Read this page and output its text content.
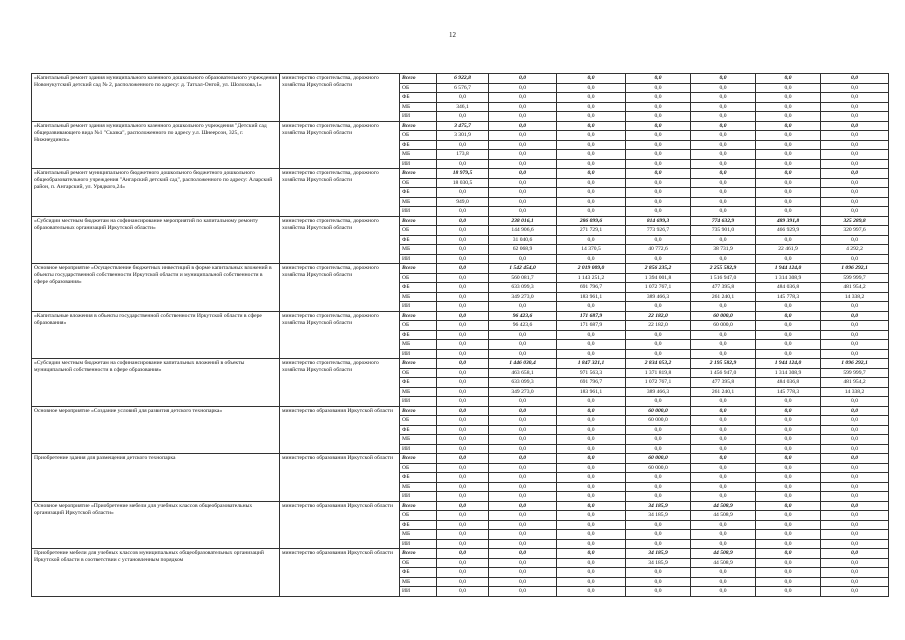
12
«Капитальный ремонт здания муниципального казенного дошкольного образовательного учреждения Новонукутский детский сад № 2, расположенного по адресу: д. Татхал-Онгой, ул. Шолохова,1»	министерство строительства, дорожного хозяйства Иркутской области	Всего	6 922,8	0,0	0,0	0,0	0,0	0,0	0,0
		ОБ	6 576,7	0,0	0,0	0,0	0,0	0,0	0,0
		ФБ	0,0	0,0	0,0	0,0	0,0	0,0	0,0
		МБ	346,1	0,0	0,0	0,0	0,0	0,0	0,0
		ИИ	0,0	0,0	0,0	0,0	0,0	0,0	0,0
«Капитальный ремонт здания муниципального казенного дошкольного учреждения "Детский сад общеразвивающего вида №1 "Сказка", расположенного по адресу у.л. Шнеерсон, 325, г. Нижнеудинск»	министерство строительства, дорожного хозяйства Иркутской области	Всего	3 475,7	0,0	0,0	0,0	0,0	0,0	0,0
		ОБ	3 301,9	0,0	0,0	0,0	0,0	0,0	0,0
		ФБ	0,0	0,0	0,0	0,0	0,0	0,0	0,0
		МБ	173,8	0,0	0,0	0,0	0,0	0,0	0,0
		ИИ	0,0	0,0	0,0	0,0	0,0	0,0	0,0
«Капитальный ремонт муниципального бюджетного дошкольного бюджетного дошкольного общеобразовательного учреждения "Ангарский детский сад", расположенного по адресу: Аларский район, п. Ангарский, ул. Урядкого,24»	министерство строительства, дорожного хозяйства Иркутской области	Всего	18 979,5	0,0	0,0	0,0	0,0	0,0	0,0
		ОБ	18 030,5	0,0	0,0	0,0	0,0	0,0	0,0
		ФБ	0,0	0,0	0,0	0,0	0,0	0,0	0,0
		МБ	949,0	0,0	0,0	0,0	0,0	0,0	0,0
		ИИ	0,0	0,0	0,0	0,0	0,0	0,0	0,0
«Субсидии местным бюджетам на софинансирование мероприятий по капитальному ремонту образовательных организаций Иркутской области»	министерство строительства, дорожного хозяйства Иркутской области	Всего	0,0	238 016,1	286 099,6	814 699,3	774 632,9	489 391,8	325 289,8
		ОБ	0,0	144 906,6	271 729,1	773 926,7	735 901,0	466 929,9	320 997,6
		ФБ	0,0	31 040,6	0,0	0,0	0,0	0,0	0,0
		МБ	0,0	62 068,9	14 370,5	40 772,6	38 731,9	22 461,9	4 292,2
		ИИ	0,0	0,0	0,0	0,0	0,0	0,0	0,0
Основное мероприятие «Осуществление бюджетных инвестиций в форме капитальных вложений в объекты государственной собственности Иркутской области и муниципальной собственности в сфере образования»	министерство строительства, дорожного хозяйства Иркутской области	Всего	0,0	1 542 454,0	2 019 009,0	2 856 235,2	2 255 582,9	1 944 124,0	1 096 292,1
		ОБ	0,0	560 081,7	1 143 251,2	1 394 001,8	1 516 947,0	1 314 308,9	599 999,7
		ФБ	0,0	633 099,3	691 796,7	1 072 767,1	477 395,8	484 036,8	481 954,2
		МБ	0,0	349 273,0	183 961,1	389 466,3	261 240,1	145 778,3	14 338,2
		ИИ	0,0	0,0	0,0	0,0	0,0	0,0	0,0
«Капитальные вложения в объекты государственной собственности Иркутской области в сфере образования»	министерство строительства, дорожного хозяйства Иркутской области	Всего	0,0	96 423,6	171 687,9	22 182,0	60 000,0	0,0	0,0
		ОБ	0,0	96 423,6	171 687,9	22 182,0	60 000,0	0,0	0,0
		ФБ	0,0	0,0	0,0	0,0	0,0	0,0	0,0
		МБ	0,0	0,0	0,0	0,0	0,0	0,0	0,0
		ИИ	0,0	0,0	0,0	0,0	0,0	0,0	0,0
«Субсидии местным бюджетам на софинансирование капитальных вложений в объекты муниципальной собственности в сфере образования»	министерство строительства, дорожного хозяйства Иркутской области	Всего	0,0	1 446 030,4	1 847 321,1	2 834 053,2	2 195 582,9	1 944 124,0	1 096 292,1
		ОБ	0,0	463 658,1	971 563,3	1 371 819,8	1 456 947,0	1 314 308,9	599 999,7
		ФБ	0,0	633 099,3	691 796,7	1 072 767,1	477 395,8	484 036,8	481 954,2
		МБ	0,0	349 273,0	183 961,1	389 466,3	261 240,1	145 778,3	14 338,2
		ИИ	0,0	0,0	0,0	0,0	0,0	0,0	0,0
Основное мероприятие «Создание условий для развития детского технопарка»	министерство образования Иркутской области	Всего	0,0	0,0	0,0	60 000,0	0,0	0,0	0,0
		ОБ	0,0	0,0	0,0	60 000,0	0,0	0,0	0,0
		ФБ	0,0	0,0	0,0	0,0	0,0	0,0	0,0
		МБ	0,0	0,0	0,0	0,0	0,0	0,0	0,0
		ИИ	0,0	0,0	0,0	0,0	0,0	0,0	0,0
Приобретение здания для размещения детского технопарка	министерство образования Иркутской области	Всего	0,0	0,0	0,0	60 000,0	0,0	0,0	0,0
		ОБ	0,0	0,0	0,0	60 000,0	0,0	0,0	0,0
		ФБ	0,0	0,0	0,0	0,0	0,0	0,0	0,0
		МБ	0,0	0,0	0,0	0,0	0,0	0,0	0,0
		ИИ	0,0	0,0	0,0	0,0	0,0	0,0	0,0
Основное мероприятие «Приобретение мебели для учебных классов общеобразовательных организаций Иркутской области»	министерство образования Иркутской области	Всего	0,0	0,0	0,0	34 185,9	44 508,9	0,0	0,0
		ОБ	0,0	0,0	0,0	34 185,9	44 508,9	0,0	0,0
		ФБ	0,0	0,0	0,0	0,0	0,0	0,0	0,0
		МБ	0,0	0,0	0,0	0,0	0,0	0,0	0,0
		ИИ	0,0	0,0	0,0	0,0	0,0	0,0	0,0
Приобретение мебели для учебных классов муниципальных общеобразовательных организаций Иркутской области в соответствии с установленным порядком	министерство образования Иркутской области	Всего	0,0	0,0	0,0	34 185,9	44 508,9	0,0	0,0
		ОБ	0,0	0,0	0,0	34 185,9	44 508,9	0,0	0,0
		ФБ	0,0	0,0	0,0	0,0	0,0	0,0	0,0
		МБ	0,0	0,0	0,0	0,0	0,0	0,0	0,0
		ИИ	0,0	0,0	0,0	0,0	0,0	0,0	0,0
